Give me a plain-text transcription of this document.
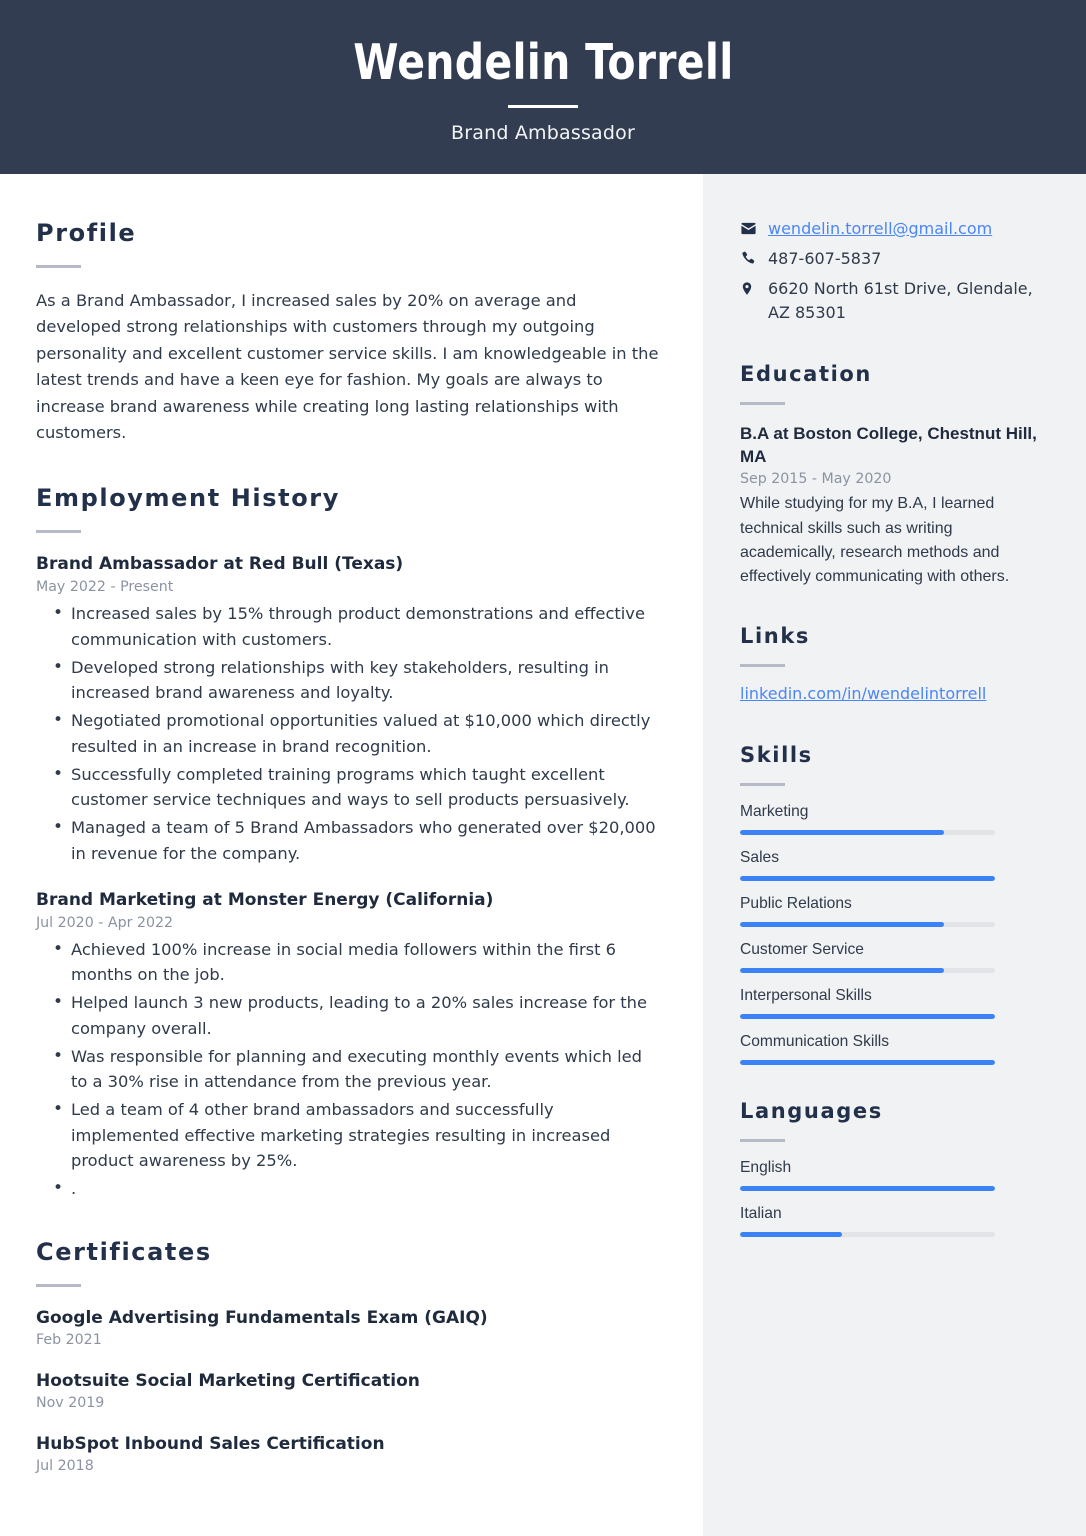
Wendelin Torrell
Brand Ambassador
Profile
As a Brand Ambassador, I increased sales by 20% on average and developed strong relationships with customers through my outgoing personality and excellent customer service skills. I am knowledgeable in the latest trends and have a keen eye for fashion. My goals are always to increase brand awareness while creating long lasting relationships with customers.
Employment History
Brand Ambassador at Red Bull (Texas)
May 2022 - Present
• Increased sales by 15% through product demonstrations and effective communication with customers.
• Developed strong relationships with key stakeholders, resulting in increased brand awareness and loyalty.
• Negotiated promotional opportunities valued at $10,000 which directly resulted in an increase in brand recognition.
• Successfully completed training programs which taught excellent customer service techniques and ways to sell products persuasively.
• Managed a team of 5 Brand Ambassadors who generated over $20,000 in revenue for the company.
Brand Marketing at Monster Energy (California)
Jul 2020 - Apr 2022
• Achieved 100% increase in social media followers within the first 6 months on the job.
• Helped launch 3 new products, leading to a 20% sales increase for the company overall.
• Was responsible for planning and executing monthly events which led to a 30% rise in attendance from the previous year.
• Led a team of 4 other brand ambassadors and successfully implemented effective marketing strategies resulting in increased product awareness by 25%.
• .
Certificates
Google Advertising Fundamentals Exam (GAIQ)
Feb 2021
Hootsuite Social Marketing Certification
Nov 2019
HubSpot Inbound Sales Certification
Jul 2018
wendelin.torrell@gmail.com
487-607-5837
6620 North 61st Drive, Glendale, AZ 85301
Education
B.A at Boston College, Chestnut Hill, MA
Sep 2015 - May 2020
While studying for my B.A, I learned technical skills such as writing academically, research methods and effectively communicating with others.
Links
linkedin.com/in/wendelintorrell
Skills
Marketing
Sales
Public Relations
Customer Service
Interpersonal Skills
Communication Skills
Languages
English
Italian
